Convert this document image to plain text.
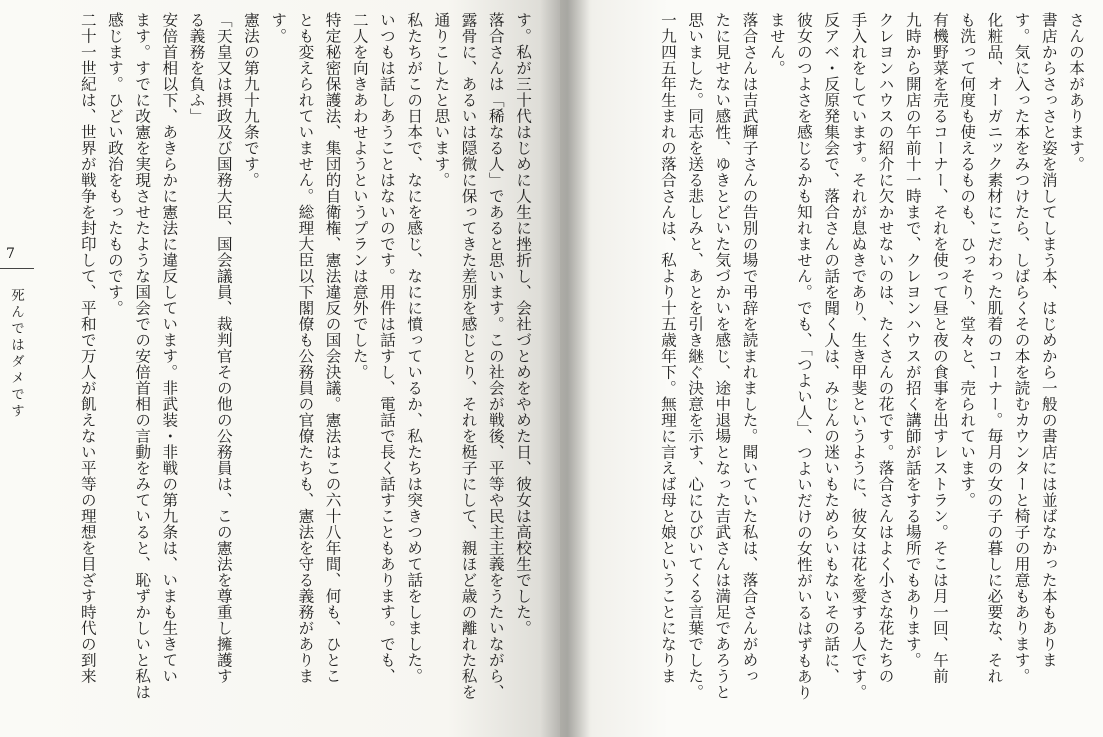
7
死んではダメです	す。私が三十代はじめに人生に挫折し、会社づとめをやめた日、彼女は高校生でした。
落合さんは「稀なる人」であると思います。この社会が戦後、平等や民主主義をうたいながら、
露骨に、あるいは隠微に保ってきた差別を感じとり、それを梃子にして、親ほど歳の離れた私を
通りこしたと思います。
私たちがこの日本で、なにを感じ、なにに憤っているか、私たちは突きつめて話をしました。
いつもは話しあうことはないのです。用件は話すし、電話で長く話すこともあります。でも、
二人を向きあわせようというプランは意外でした。
特定秘密保護法、集団的自衛権、憲法違反の国会決議。憲法はこの六十八年間、何も、ひとこ
とも変えられていません。総理大臣以下閣僚も公務員の官僚たちも、憲法を守る義務があります。
憲法の第九十九条です。
「天皇又は摂政及び国務大臣、国会議員、裁判官その他の公務員は、この憲法を尊重し擁護す
る義務を負ふ」
安倍首相以下、あきらかに憲法に違反しています。非武装・非戦の第九条は、いまも生きてい
ます。すでに改憲を実現させたような国会での安倍首相の言動をみていると、恥ずかしいと私は
感じます。ひどい政治をもったものです。
二十一世紀は、世界が戦争を封印して、平和で万人が飢えない平等の理想を目ざす時代の到来	さんの本があります。
書店からさっさと姿を消してしまう本、はじめから一般の書店には並ばなかった本もありま
す。気に入った本をみつけたら、しばらくその本を読むカウンターと椅子の用意もあります。
化粧品、オーガニック素材にこだわった肌着のコーナー。毎月の女の子の暮しに必要な、それ
も洗って何度も使えるものも、ひっそり、堂々と、売られています。
有機野菜を売るコーナー、それを使って昼と夜の食事を出すレストラン。そこは月一回、午前
九時から開店の午前十一時まで、クレヨンハウスが招く講師が話をする場所でもあります。
クレヨンハウスの紹介に欠かせないのは、たくさんの花です。落合さんはよく小さな花たちの
手入れをしています。それが息ぬきであり、生き甲斐というように、彼女は花を愛する人です。
反アベ・反原発集会で、落合さんの話を聞く人は、みじんの迷いもためらいもないその話に、
彼女のつよさを感じるかも知れません。でも、「つよい人」、つよいだけの女性がいるはずもあり
ません。
落合さんは吉武輝子さんの告別の場で弔辞を読まれました。聞いていた私は、落合さんがめっ
たに見せない感性、ゆきとどいた気づかいを感じ、途中退場となった吉武さんは満足であろうと
思いました。同志を送る悲しみと、あとを引き継ぐ決意を示す、心にひびいてくる言葉でした。
一九四五年生まれの落合さんは、私より十五歳年下。無理に言えば母と娘ということになりま
